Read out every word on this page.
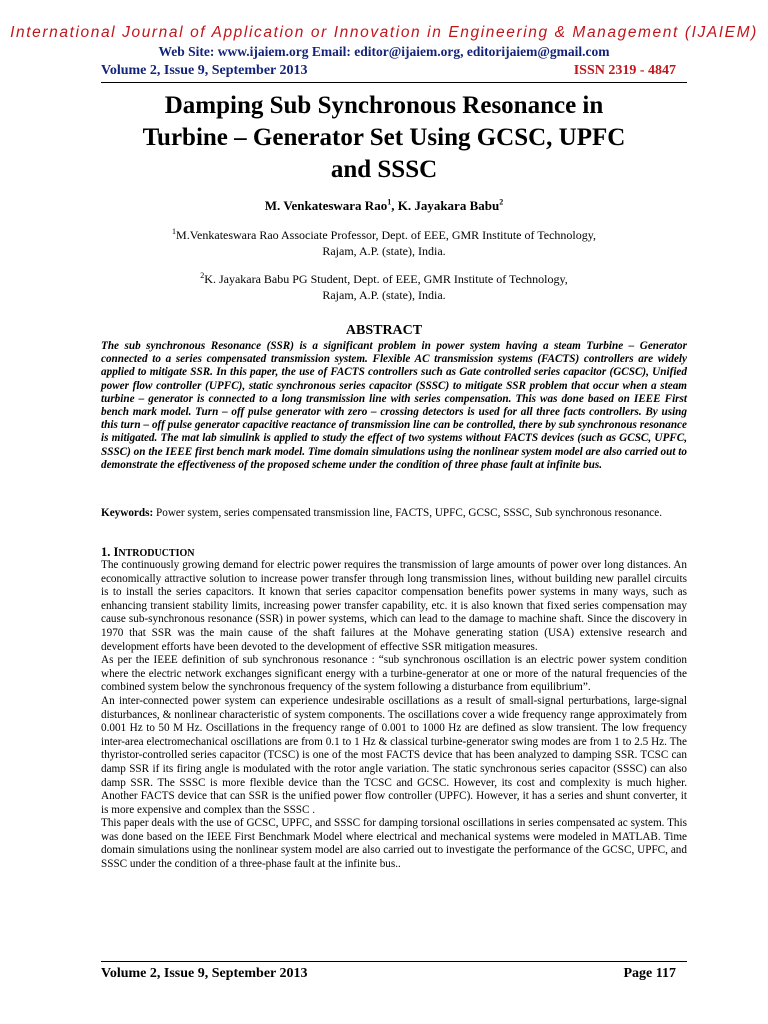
International Journal of Application or Innovation in Engineering & Management (IJAIEM)
Web Site: www.ijaiem.org Email: editor@ijaiem.org, editorijaiem@gmail.com
Volume 2, Issue 9, September 2013	ISSN 2319 - 4847
Damping Sub Synchronous Resonance in
Turbine – Generator Set Using GCSC, UPFC
and SSSC
M. Venkateswara Rao$^1$, K. Jayakara Babu$^2$
$^1$M.Venkateswara Rao Associate Professor, Dept. of EEE, GMR Institute of Technology,
Rajam, A.P. (state), India.
$^2$K. Jayakara Babu PG Student, Dept. of EEE, GMR Institute of Technology,
Rajam, A.P. (state), India.
ABSTRACT
The sub synchronous Resonance (SSR) is a significant problem in power system having a steam Turbine – Generator connected to a series compensated transmission system. Flexible AC transmission systems (FACTS) controllers are widely applied to mitigate SSR. In this paper, the use of FACTS controllers such as Gate controlled series capacitor (GCSC), Unified power flow controller (UPFC), static synchronous series capacitor (SSSC) to mitigate SSR problem that occur when a steam turbine – generator is connected to a long transmission line with series compensation. This was done based on IEEE First bench mark model. Turn – off pulse generator with zero – crossing detectors is used for all three facts controllers. By using this turn – off pulse generator capacitive reactance of transmission line can be controlled, there by sub synchronous resonance is mitigated. The mat lab simulink is applied to study the effect of two systems without FACTS devices (such as GCSC, UPFC, SSSC) on the IEEE first bench mark model. Time domain simulations using the nonlinear system model are also carried out to demonstrate the effectiveness of the proposed scheme under the condition of three phase fault at infinite bus.
Keywords: Power system, series compensated transmission line, FACTS, UPFC, GCSC, SSSC, Sub synchronous resonance.
1. INTRODUCTION

The continuously growing demand for electric power requires the transmission of large amounts of power over long distances. An economically attractive solution to increase power transfer through long transmission lines, without building new parallel circuits is to install the series capacitors. It known that series capacitor compensation benefits power systems in many ways, such as enhancing transient stability limits, increasing power transfer capability, etc. it is also known that fixed series compensation may cause sub-synchronous resonance (SSR) in power systems, which can lead to the damage to machine shaft. Since the discovery in 1970 that SSR was the main cause of the shaft failures at the Mohave generating station (USA) extensive research and development efforts have been devoted to the development of effective SSR mitigation measures.

As per the IEEE definition of sub synchronous resonance : “sub synchronous oscillation is an electric power system condition where the electric network exchanges significant energy with a turbine-generator at one or more of the natural frequencies of the combined system below the synchronous frequency of the system following a disturbance from equilibrium”.

An inter-connected power system can experience undesirable oscillations as a result of small-signal perturbations, large-signal disturbances, & nonlinear characteristic of system components. The oscillations cover a wide frequency range approximately from 0.001 Hz to 50 M Hz. Oscillations in the frequency range of 0.001 to 1000 Hz are defined as slow transient. The low frequency inter-area electromechanical oscillations are from 0.1 to 1 Hz & classical turbine-generator swing modes are from 1 to 2.5 Hz. The thyristor-controlled series capacitor (TCSC) is one of the most FACTS device that has been analyzed to damping SSR. TCSC can damp SSR if its firing angle is modulated with the rotor angle variation. The static synchronous series capacitor (SSSC) can also damp SSR. The SSSC is more flexible device than the TCSC and GCSC. However, its cost and complexity is much higher. Another FACTS device that can SSR is the unified power flow controller (UPFC). However, it has a series and shunt converter, it is more expensive and complex than the SSSC .

This paper deals with the use of GCSC, UPFC, and SSSC for damping torsional oscillations in series compensated ac system. This was done based on the IEEE First Benchmark Model where electrical and mechanical systems were modeled in MATLAB. Time domain simulations using the nonlinear system model are also carried out to investigate the performance of the GCSC, UPFC, and SSSC under the condition of a three-phase fault at the infinite bus..

Volume 2, Issue 9, September 2013	Page 117
